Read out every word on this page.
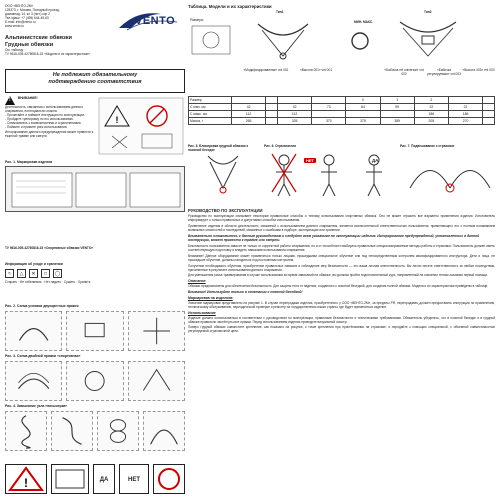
ООО «ВЕНТО-2М»
125373, г. Москва, Походный проезд,
домовлад. 14, кл 3 (лит.) кор 2
Тел./факс: +7 (495) 644-45-63
E-mail: info@vento.ru
www.vento.ru	VENTO
Альпинистские обвязки
Грудные обвязки
См. таблицу
ТУ 9616-005-42780816-15 «Модели и их характеристики»
Не подлежит обязательному
подтверждению соответствия
! ВНИМАНИЕ!
Деятельность, связанная с использованием данного снаряжения, потенциально опасна.
- Прочитайте и поймите инструкцию по эксплуатации.
- Пройдите тренировку по его использованию.
- Ознакомьтесь с возможностями и ограничениями.
- Поймите и примите риск использования.
Игнорирование данного предупреждения может привести к тяжелой травме или смерти.
!
Рис. 1. Маркировка изделия
ТУ 9616-005-42780816-15 «Спортивные обвязки VENTO»
Информация об уходе и хранении
≈	△	✕	□	◯
Стирать · Не отбеливать · Не гладить · Сушить · Хранить
Рис. 2. Схема условия двухцветных пряжек
Рис. 3. Схема двойной пряжки «спортивная»
Рис. 4. Замыкание узла «восьмерка»
!	ДА	НЕТ
Таблица. Модели и их характеристики
Тип1	Тип2
Размеры	МИН. МАКС.
«Модифицированная» vnt 001	«Высота 001» vnt 001	«Бабочка ref universal» vnt 002
«Бабочка регулируемая» vnt 003
«Высота 003» vnt 003
Размер					0	1	2		
С мин. см	42		42	73	84	99	22	22	
С макс. см	112		112				186	186	
Масса, г	265		325	370	375	389	205	270	
Рис. 5. Блокировка грудной обвязки к поясной беседке
Рис. 6. Ограничения
НЕТ	ДА
Рис. 7. Подвешивание к страховке
РУКОВОДСТВО ПО ЭКСПЛУАТАЦИИ

Руководство по эксплуатации описывает некоторые правильные способы и технику использования спортивных обвязок. Оно не может отразить все варианты применения изделия. Изготовитель информирует о только правильных и допустимых способах использования.

Применение изделия в области деятельности, связанной с использованием данного снаряжения, является исключительной ответственностью пользователя, применяющего его с полным пониманием возможных опасностей и последствий, связанных с ошибками в подборе, эксплуатации или хранении.

Внимательно ознакомьтесь с данным руководством и следуйте всем указаниям по эксплуатации изделия. Игнорирование предупреждений, установленных в данной инструкции, может привести к травме или смерти.

Безопасность пользователя зависит не только от корректной работы снаряжения, но и от способности выбирать правильные специализированные методы работы и страховки. Пользователь должен иметь соответствующую подготовку и владеть навыками использования снаряжения.

Внимание! Данное оборудование может применяться только лицами, прошедшими специальное обучение или под непосредственным контролем квалифицированного инструктора. Дети и лица, не прошедшие обучение, должны находиться под постоянным контролем.

Получение необходимого обучения, приобретение правильных навыков и соблюдение мер безопасности — это ваша личная ответственность. Вы лично несете ответственность за любые последствия, причиненные в результате использования данного снаряжения.

Для уменьшения риска травмирования в случае использования во время зависаний на обвязке, вы должны пройти подготовительный курс, направленный на освоение техник оказания первой помощи.

Описание

Обвязки предназначены для обеспечения безопасности. Для защиты тела от падения, созданного с поясной беседкой, для создания полной обвязки. Модели и их характеристики приведены в таблице.

Внимание! Используйте только в сочетании с поясной беседкой!

Маркировка на изделиях

Значение маркировки представлено на рисунке 1. В случае перепродажи изделия, приобретенного у ООО «ВЕНТО-2М», за пределы РФ, перепродавец должен предоставить инструкции по применению, техническому обслуживанию, периодической проверке и ремонту на государственном языке страны, где будет применяться изделие.

Использование

Изделие должно использоваться в соответствии с руководством по эксплуатации, правилами безопасности и техническими требованиями. Обязательно убедитесь, что в поясной беседке и в грудной обвязке правильно застёгнуты все пряжки. Перед использованием изделия проведите визуальный осмотр.

Поверх грудной обвязки совместите крепление, как показано на рисунке, к точке крепления при пристёгивании на страховке, и передайте с помощью специальной, с объемной совместимостью регулируемой страховочной цепи.
